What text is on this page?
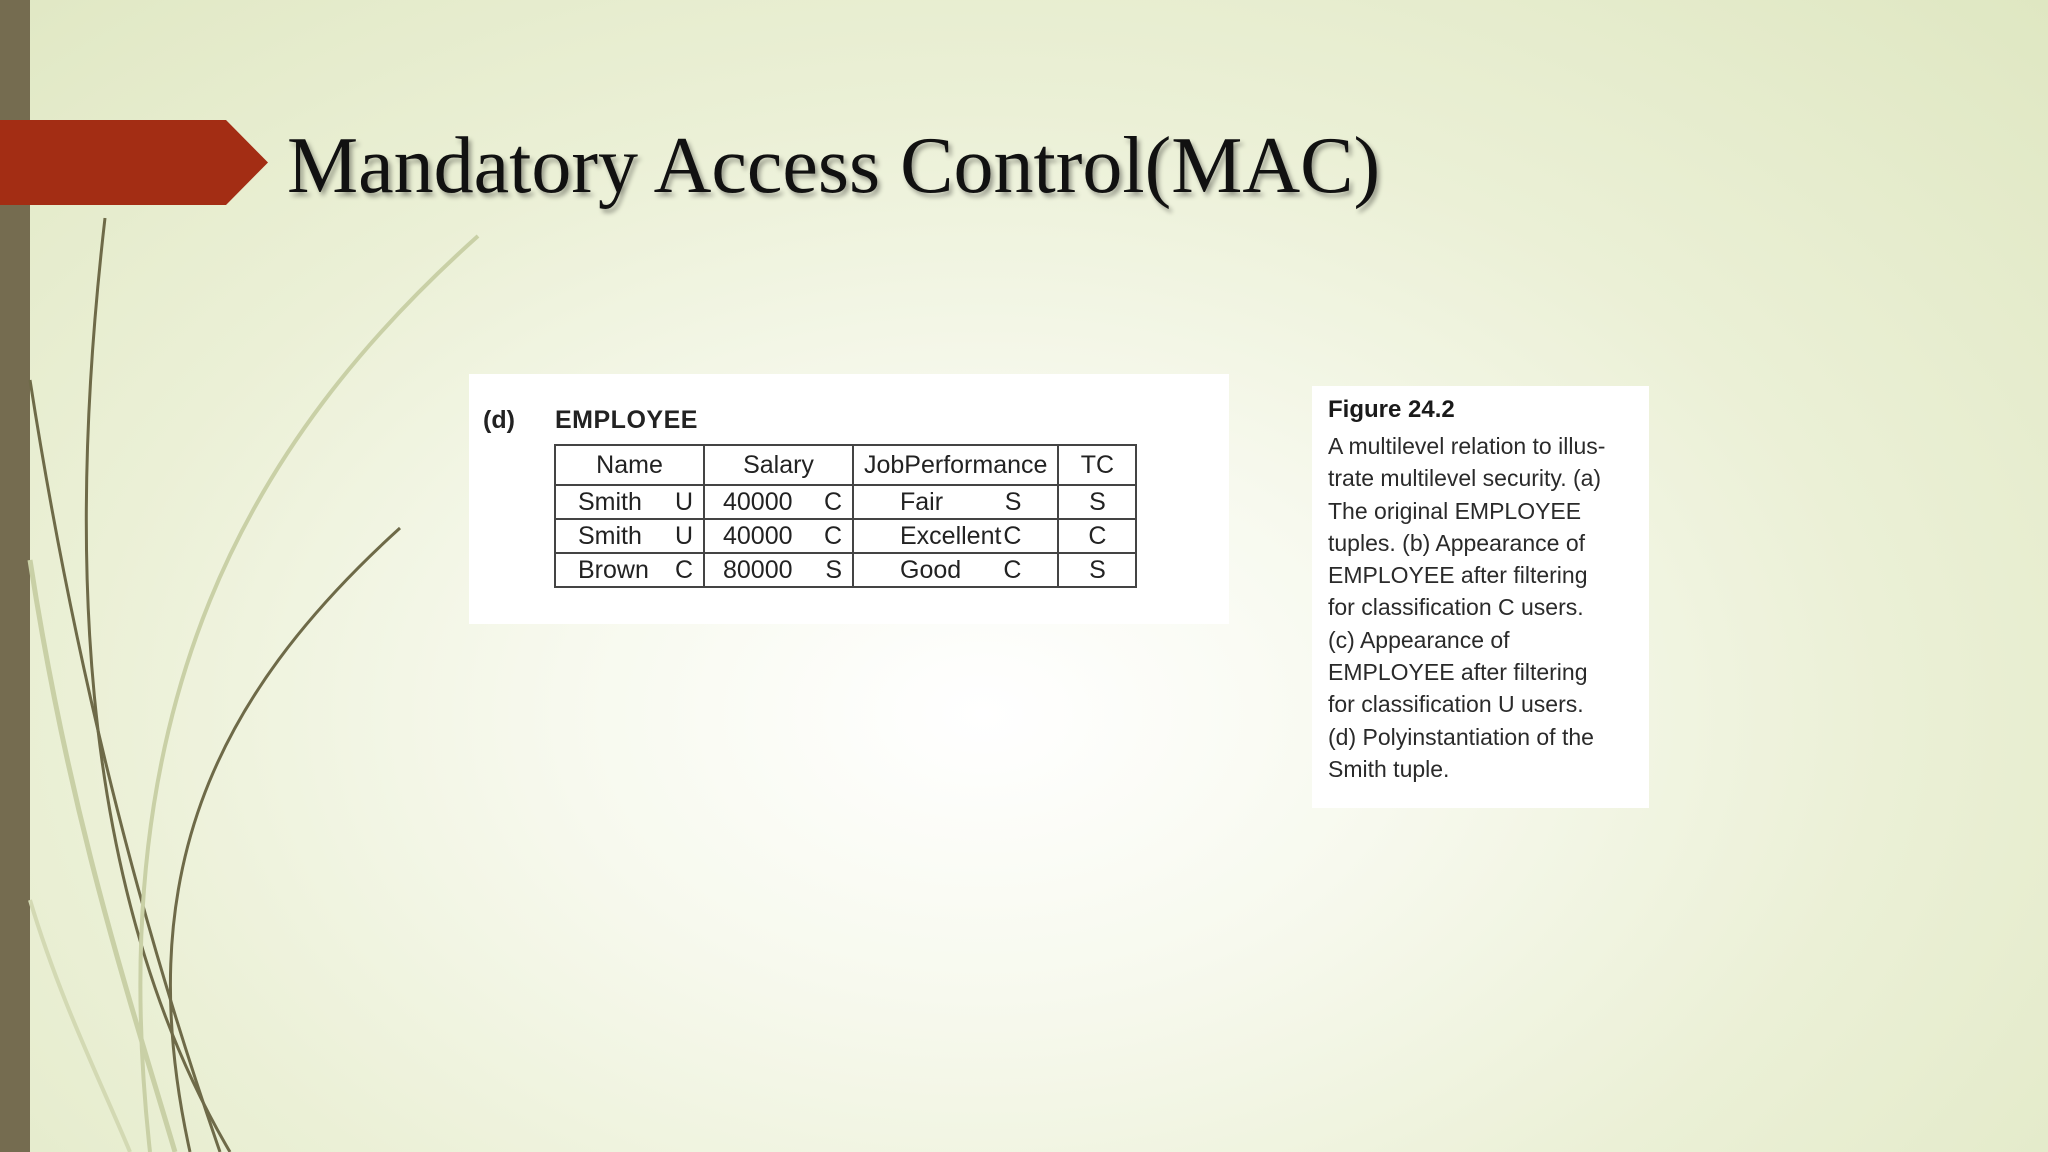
Mandatory Access Control(MAC)
(d) EMPLOYEE
Name	Salary	JobPerformance	TC

Smith U	40000 C	Fair S	S

Smith U	40000 C	Excellent C	C

Brown C	80000 S	Good C	S
Figure 24.2
A multilevel relation to illus-
trate multilevel security. (a)
The original EMPLOYEE
tuples. (b) Appearance of
EMPLOYEE after filtering
for classification C users.
(c) Appearance of
EMPLOYEE after filtering
for classification U users.
(d) Polyinstantiation of the
Smith tuple.
